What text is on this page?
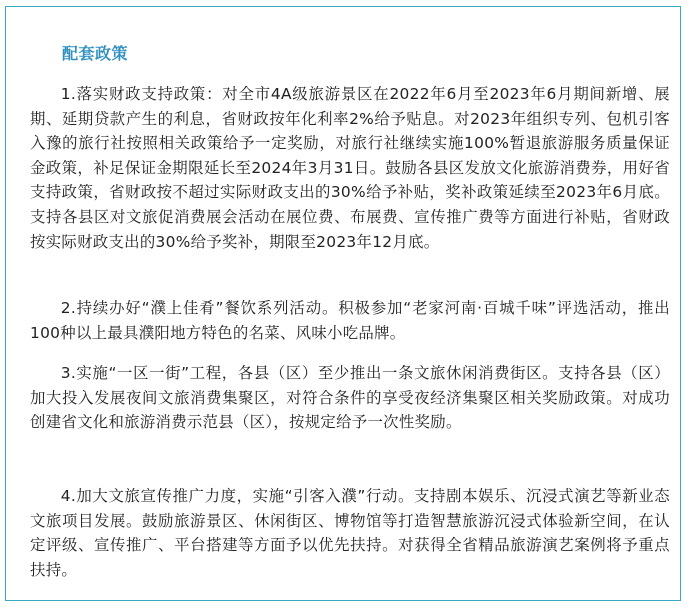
配套政策

1.落实财政支持政策：对全市4A级旅游景区在2022年6月至2023年6月期间新增、展期、延期贷款产生的利息，省财政按年化利率2%给予贴息。对2023年组织专列、包机引客入豫的旅行社按照相关政策给予一定奖励，对旅行社继续实施100%暂退旅游服务质量保证金政策，补足保证金期限延长至2024年3月31日。鼓励各县区发放文化旅游消费券，用好省支持政策，省财政按不超过实际财政支出的30%给予补贴，奖补政策延续至2023年6月底。支持各县区对文旅促消费展会活动在展位费、布展费、宣传推广费等方面进行补贴，省财政按实际财政支出的30%给予奖补，期限至2023年12月底。

2.持续办好“濮上佳肴”餐饮系列活动。积极参加“老家河南·百城千味”评选活动，推出100种以上最具濮阳地方特色的名菜、风味小吃品牌。

3.实施“一区一街”工程，各县（区）至少推出一条文旅休闲消费街区。支持各县（区）加大投入发展夜间文旅消费集聚区，对符合条件的享受夜经济集聚区相关奖励政策。对成功创建省文化和旅游消费示范县（区），按规定给予一次性奖励。

4.加大文旅宣传推广力度，实施“引客入濮”行动。支持剧本娱乐、沉浸式演艺等新业态文旅项目发展。鼓励旅游景区、休闲街区、博物馆等打造智慧旅游沉浸式体验新空间，在认定评级、宣传推广、平台搭建等方面予以优先扶持。对获得全省精品旅游演艺案例将予重点扶持。
